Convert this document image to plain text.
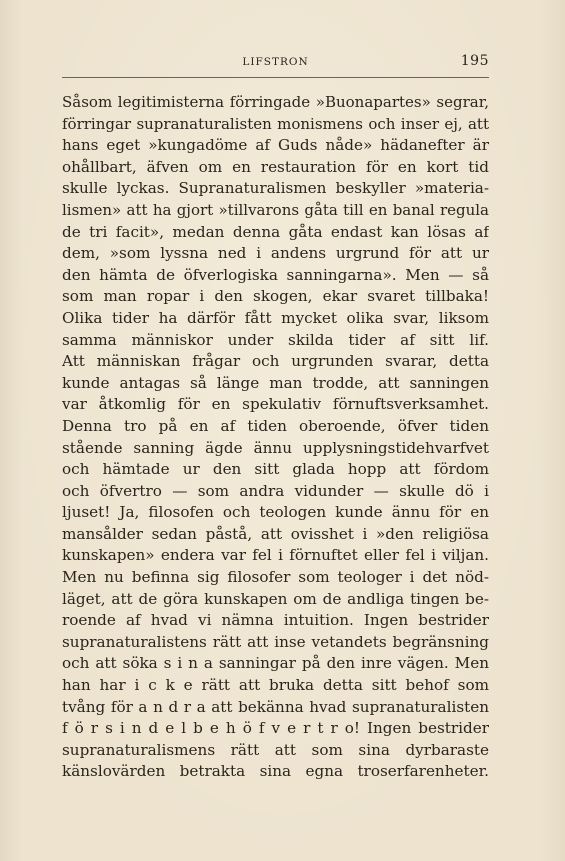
LIFSTRON	195
Såsom legitimisterna förringade »Buonapartes» segrar,
förringar supranaturalisten monismens och inser ej, att
hans eget »kungadöme af Guds nåde» hädanefter är
ohållbart, äfven om en restauration för en kort tid
skulle lyckas. Supranaturalismen beskyller »materia-
lismen» att ha gjort »tillvarons gåta till en banal regula
de tri facit», medan denna gåta endast kan lösas af
dem, »som lyssna ned i andens urgrund för att ur
den hämta de öfverlogiska sanningarna». Men — så
som man ropar i den skogen, ekar svaret tillbaka!
Olika tider ha därför fått mycket olika svar, liksom
samma människor under skilda tider af sitt lif.
Att människan frågar och urgrunden svarar, detta
kunde antagas så länge man trodde, att sanningen
var åtkomlig för en spekulativ förnuftsverksamhet.
Denna tro på en af tiden oberoende, öfver tiden
stående sanning ägde ännu upplysningstidehvarfvet
och hämtade ur den sitt glada hopp att fördom
och öfvertro — som andra vidunder — skulle dö i
ljuset! Ja, filosofen och teologen kunde ännu för en
mansålder sedan påstå, att ovisshet i »den religiösa
kunskapen» endera var fel i förnuftet eller fel i viljan.
Men nu befinna sig filosofer som teologer i det nöd-
läget, att de göra kunskapen om de andliga tingen be-
roende af hvad vi nämna intuition. Ingen bestrider
supranaturalistens rätt att inse vetandets begränsning
och att söka s i n a sanningar på den inre vägen. Men
han har i c k e rätt att bruka detta sitt behof som
tvång för a n d r a att bekänna hvad supranaturalisten
f ö r s i n d e l b e h ö f v e r t r o! Ingen bestrider
supranaturalismens rätt att som sina dyrbaraste
känslovärden betrakta sina egna troserfarenheter.
